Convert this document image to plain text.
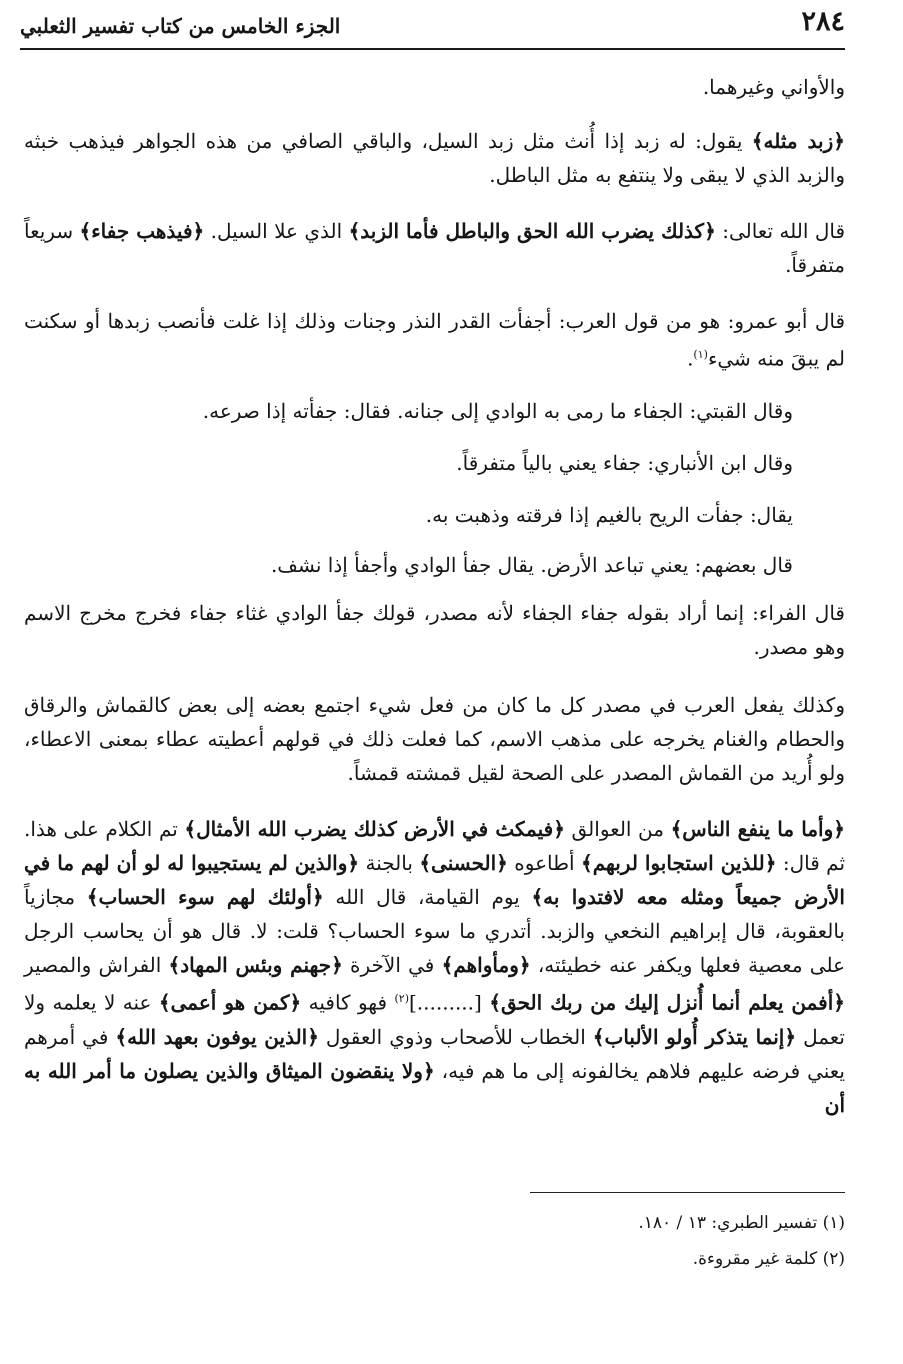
٢٨٤
الجزء الخامس من كتاب تفسير الثعلبي

والأواني وغيرهما.

﴿زبد مثله﴾ يقول: له زبد إذا أُنث مثل زبد السيل، والباقي الصافي من هذه الجواهر فيذهب خبثه والزبد الذي لا يبقى ولا ينتفع به مثل الباطل.

قال الله تعالى: ﴿كذلك يضرب الله الحق والباطل فأما الزبد﴾ الذي علا السيل. ﴿فيذهب جفاء﴾ سريعاً متفرقاً.

قال أبو عمرو: هو من قول العرب: أجفأت القدر النذر وجنات وذلك إذا غلت فأنصب زبدها أو سكنت لم يبقَ منه شيء$^{(١)}$.

وقال القبتي: الجفاء ما رمى به الوادي إلى جنانه. فقال: جفأته إذا صرعه.

وقال ابن الأنباري: جفاء يعني بالياً متفرقاً.

يقال: جفأت الريح بالغيم إذا فرقته وذهبت به.

قال بعضهم: يعني تباعد الأرض. يقال جفأ الوادي وأجفأ إذا نشف.

قال الفراء: إنما أراد بقوله جفاء الجفاء لأنه مصدر، قولك جفأ الوادي غثاء جفاء فخرج مخرج الاسم وهو مصدر.

وكذلك يفعل العرب في مصدر كل ما كان من فعل شيء اجتمع بعضه إلى بعض كالقماش والرقاق والحطام والغنام يخرجه على مذهب الاسم، كما فعلت ذلك في قولهم أعطيته عطاء بمعنى الاعطاء، ولو أُريد من القماش المصدر على الصحة لقيل قمشته قمشاً.

﴿وأما ما ينفع الناس﴾ من العوالق ﴿فيمكث في الأرض كذلك يضرب الله الأمثال﴾ تم الكلام على هذا. ثم قال: ﴿للذين استجابوا لربهم﴾ أطاعوه ﴿الحسنى﴾ بالجنة ﴿والذين لم يستجيبوا له لو أن لهم ما في الأرض جميعاً ومثله معه لافتدوا به﴾ يوم القيامة، قال الله ﴿أولئك لهم سوء الحساب﴾ مجازياً بالعقوبة، قال إبراهيم النخعي والزبد. أتدري ما سوء الحساب؟ قلت: لا. قال هو أن يحاسب الرجل على معصية فعلها ويكفر عنه خطيئته، ﴿ومأواهم﴾ في الآخرة ﴿جهنم وبئس المهاد﴾ الفراش والمصير ﴿أفمن يعلم أنما أُنزل إليك من ربك الحق﴾ [.........]$^{(٢)}$ فهو كافيه ﴿كمن هو أعمى﴾ عنه لا يعلمه ولا تعمل ﴿إنما يتذكر أُولو الألباب﴾ الخطاب للأصحاب وذوي العقول ﴿الذين يوفون بعهد الله﴾ في أمرهم يعني فرضه عليهم فلاهم يخالفونه إلى ما هم فيه، ﴿ولا ينقضون الميثاق والذين يصلون ما أمر الله به أن

(١) تفسير الطبري: ١٣ / ١٨٠.

(٢) كلمة غير مقروءة.
